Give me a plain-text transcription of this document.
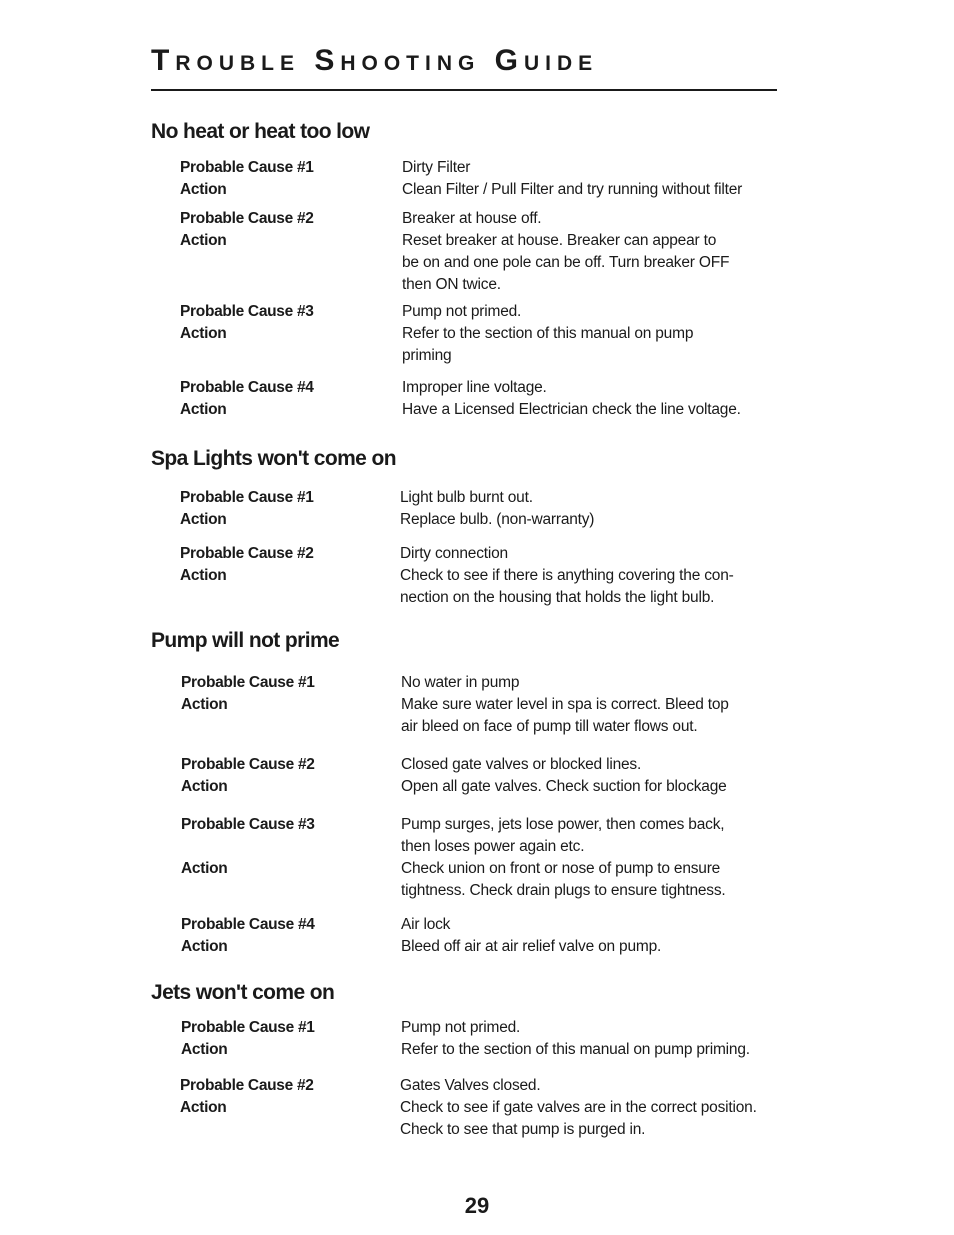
Trouble Shooting Guide
No heat or heat too low
Probable Cause #1
Action
Dirty Filter
Clean Filter / Pull Filter and try running without filter
Probable Cause #2
Action
Breaker at house off.
Reset breaker at house. Breaker can appear to
be on and one pole can be off. Turn breaker OFF
then ON twice.
Probable Cause #3
Action
Pump not primed.
Refer to the section of this manual on pump
priming
Probable Cause #4
Action
Improper line voltage.
Have a Licensed Electrician check the line voltage.
Spa Lights won't come on
Probable Cause #1
Action
Light bulb burnt out.
Replace bulb. (non-warranty)
Probable Cause #2
Action
Dirty connection
Check to see if there is anything covering the con-
nection on the housing that holds the light bulb.
Pump will not prime
Probable Cause #1
Action
No water in pump
Make sure water level in spa is correct. Bleed top
air bleed on face of pump till water flows out.
Probable Cause #2
Action
Closed gate valves or blocked lines.
Open all gate valves. Check suction for blockage
Probable Cause #3
Action
Pump surges, jets lose power, then comes back,
then loses power again etc.
Check union on front or nose of pump to ensure
tightness. Check drain plugs to ensure tightness.
Probable Cause #4
Action
Air lock
Bleed off air at air relief valve on pump.
Jets won't come on
Probable Cause #1
Action
Pump not primed.
Refer to the section of this manual on pump priming.
Probable Cause #2
Action
Gates Valves closed.
Check to see if gate valves are in the correct position.
Check to see that pump is purged in.
29
